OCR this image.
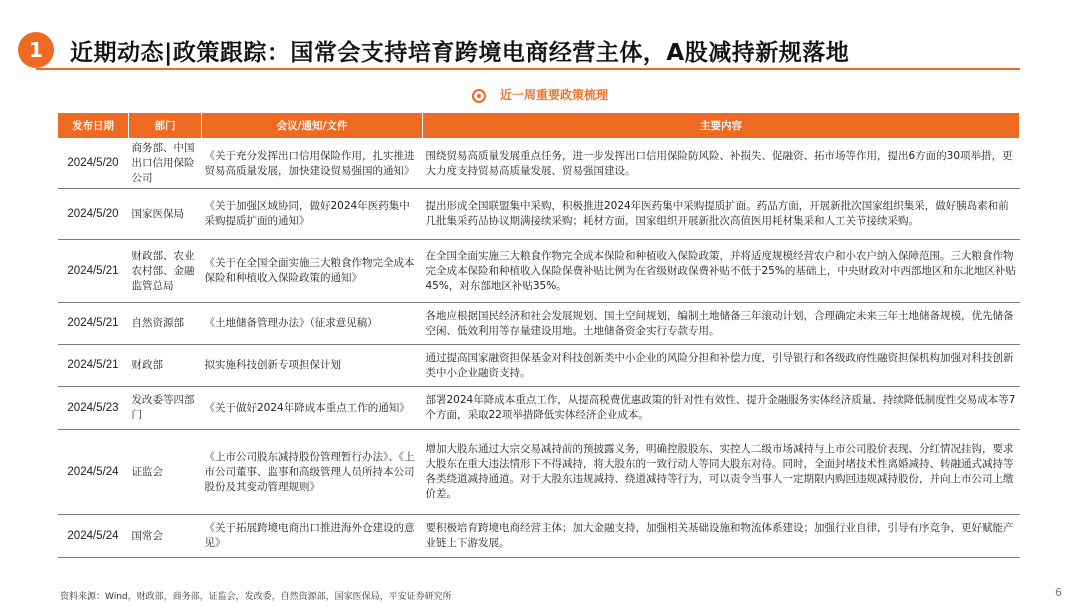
1	近期动态|政策跟踪：国常会支持培育跨境电商经营主体，A股减持新规落地
近一周重要政策梳理
发布日期	部门	会议/通知/文件	主要内容
2024/5/20	商务部、中国出口信用保险公司	《关于充分发挥出口信用保险作用，扎实推进贸易高质量发展，加快建设贸易强国的通知》	围绕贸易高质量发展重点任务，进一步发挥出口信用保险防风险、补损失、促融资、拓市场等作用，提出6方面的30项举措，更大力度支持贸易高质量发展、贸易强国建设。
2024/5/20	国家医保局	《关于加强区域协同，做好2024年医药集中采购提质扩面的通知》	提出形成全国联盟集中采购，积极推进2024年医药集中采购提质扩面。药品方面，开展新批次国家组织集采，做好胰岛素和前几批集采药品协议期满接续采购；耗材方面，国家组织开展新批次高值医用耗材集采和人工关节接续采购。
2024/5/21	财政部、农业农村部、金融监管总局	《关于在全国全面实施三大粮食作物完全成本保险和种植收入保险政策的通知》	在全国全面实施三大粮食作物完全成本保险和种植收入保险政策，并将适度规模经营农户和小农户纳入保障范围。三大粮食作物完全成本保险和种植收入保险保费补贴比例为在省级财政保费补贴不低于25%的基础上，中央财政对中西部地区和东北地区补贴45%，对东部地区补贴35%。
2024/5/21	自然资源部	《土地储备管理办法》（征求意见稿）	各地应根据国民经济和社会发展规划、国土空间规划，编制土地储备三年滚动计划，合理确定未来三年土地储备规模，优先储备空闲、低效利用等存量建设用地。土地储备资金实行专款专用。
2024/5/21	财政部	拟实施科技创新专项担保计划	通过提高国家融资担保基金对科技创新类中小企业的风险分担和补偿力度，引导银行和各级政府性融资担保机构加强对科技创新类中小企业融资支持。
2024/5/23	发改委等四部门	《关于做好2024年降成本重点工作的通知》	部署2024年降成本重点工作，从提高税费优惠政策的针对性有效性、提升金融服务实体经济质量、持续降低制度性交易成本等7个方面，采取22项举措降低实体经济企业成本。
2024/5/24	证监会	《上市公司股东减持股份管理暂行办法》、《上市公司董事、监事和高级管理人员所持本公司股份及其变动管理规则》	增加大股东通过大宗交易减持前的预披露义务，明确控股股东、实控人二级市场减持与上市公司股价表现、分红情况挂钩，要求大股东在重大违法情形下不得减持，将大股东的一致行动人等同大股东对待。同时，全面封堵技术性离婚减持、转融通式减持等各类绕道减持通道。对于大股东违规减持、绕道减持等行为，可以责令当事人一定期限内购回违规减持股份，并向上市公司上缴价差。
2024/5/24	国常会	《关于拓展跨境电商出口推进海外仓建设的意见》	要积极培育跨境电商经营主体；加大金融支持，加强相关基础设施和物流体系建设；加强行业自律，引导有序竞争，更好赋能产业链上下游发展。
资料来源：Wind，财政部，商务部，证监会，发改委，自然资源部，国家医保局，平安证券研究所	6
